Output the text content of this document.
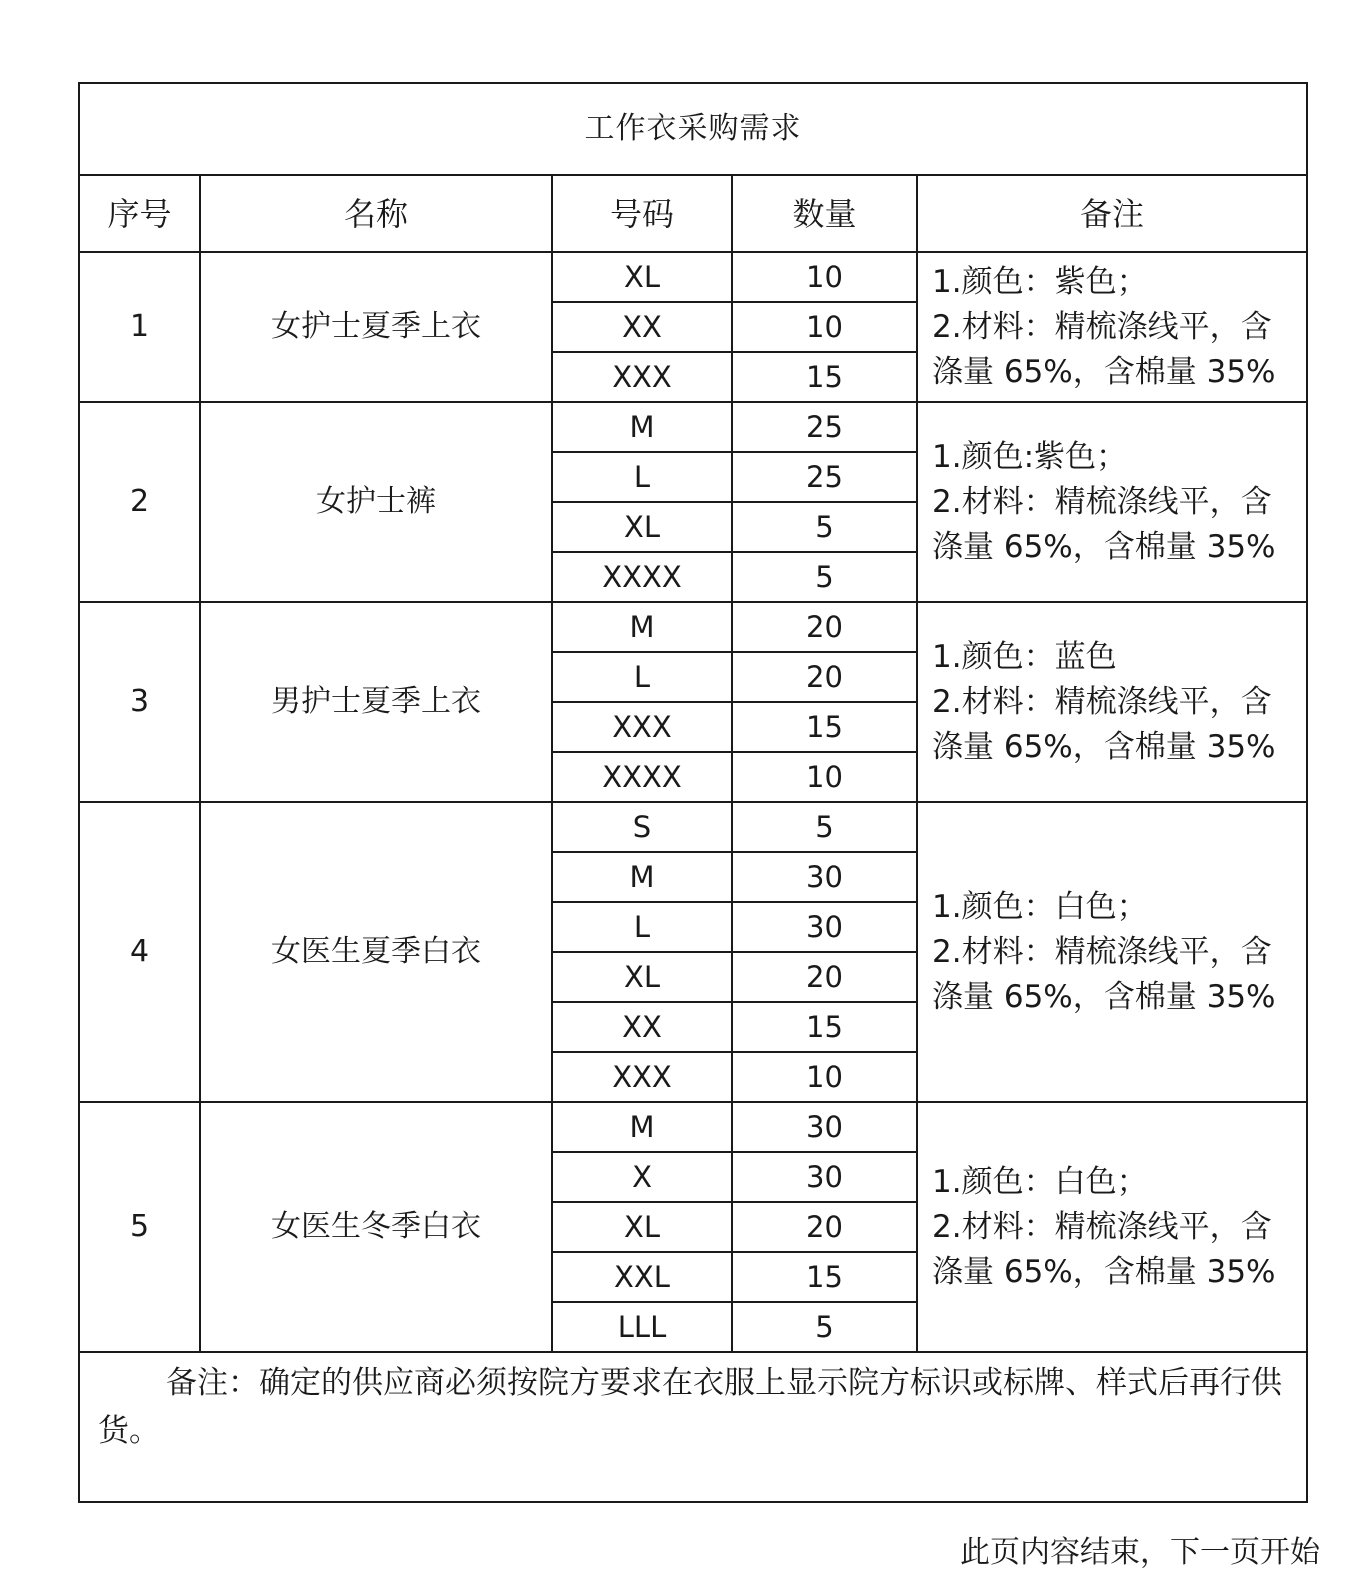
工作衣采购需求				
序号	名称	号码	数量	备注
1	女护士夏季上衣	XL	10	1.颜色：紫色；
2.材料：精梳涤线平，含
涤量 65%，含棉量 35%

		XX	10	
		XXX	15	
2	女护士裤	M	25	1.颜色:紫色；
2.材料：精梳涤线平，含
涤量 65%，含棉量 35%

		L	25	
		XL	5	
		XXXX	5	
3	男护士夏季上衣	M	20	1.颜色：蓝色
2.材料：精梳涤线平，含
涤量 65%，含棉量 35%

		L	20	
		XXX	15	
		XXXX	10	
4	女医生夏季白衣	S	5	1.颜色：白色；
2.材料：精梳涤线平，含
涤量 65%，含棉量 35%

		M	30	
		L	30	
		XL	20	
		XX	15	
		XXX	10	
5	女医生冬季白衣	M	30	1.颜色：白色；
2.材料：精梳涤线平，含
涤量 65%，含棉量 35%

		X	30	
		XL	20	
		XXL	15	
		LLL	5	
备注：确定的供应商必须按院方要求在衣服上显示院方标识或标牌、样式后再行供货。				
此页内容结束，下一页开始
